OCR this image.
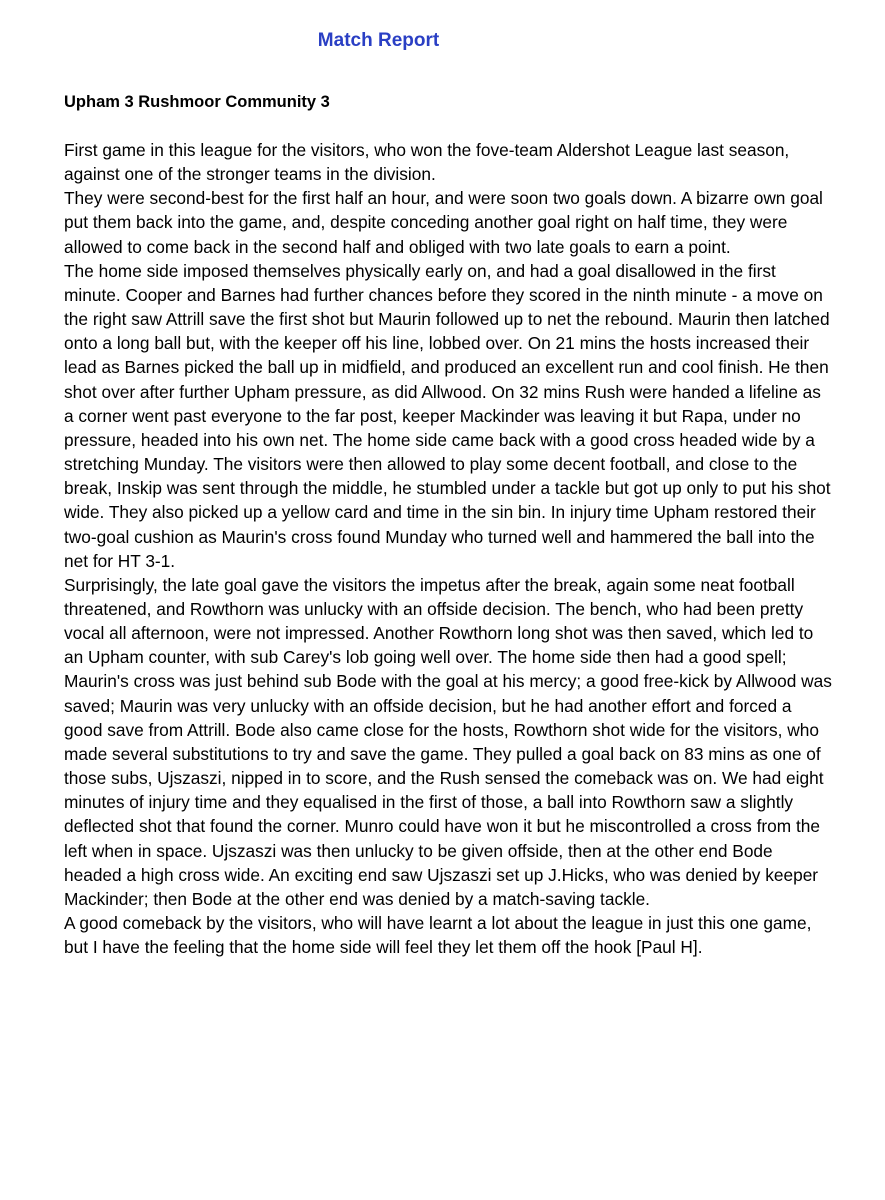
Match Report
Upham 3 Rushmoor Community 3

First game in this league for the visitors, who won the fove-team Aldershot League last season, against one of the stronger teams in the division.

They were second-best for the first half an hour, and were soon two goals down. A bizarre own goal put them back into the game, and, despite conceding another goal right on half time, they were allowed to come back in the second half and obliged with two late goals to earn a point.

The home side imposed themselves physically early on, and had a goal disallowed in the first minute. Cooper and Barnes had further chances before they scored in the ninth minute - a move on the right saw Attrill save the first shot but Maurin followed up to net the rebound. Maurin then latched onto a long ball but, with the keeper off his line, lobbed over. On 21 mins the hosts increased their lead as Barnes picked the ball up in midfield, and produced an excellent run and cool finish. He then shot over after further Upham pressure, as did Allwood. On 32 mins Rush were handed a lifeline as a corner went past everyone to the far post, keeper Mackinder was leaving it but Rapa, under no pressure, headed into his own net. The home side came back with a good cross headed wide by a stretching Munday. The visitors were then allowed to play some decent football, and close to the break, Inskip was sent through the middle, he stumbled under a tackle but got up only to put his shot wide. They also picked up a yellow card and time in the sin bin. In injury time Upham restored their two-goal cushion as Maurin's cross found Munday who turned well and hammered the ball into the net for HT 3-1.

Surprisingly, the late goal gave the visitors the impetus after the break, again some neat football threatened, and Rowthorn was unlucky with an offside decision. The bench, who had been pretty vocal all afternoon, were not impressed. Another Rowthorn long shot was then saved, which led to an Upham counter, with sub Carey's lob going well over. The home side then had a good spell; Maurin's cross was just behind sub Bode with the goal at his mercy; a good free-kick by Allwood was saved; Maurin was very unlucky with an offside decision, but he had another effort and forced a good save from Attrill. Bode also came close for the hosts, Rowthorn shot wide for the visitors, who made several substitutions to try and save the game. They pulled a goal back on 83 mins as one of those subs, Ujszaszi, nipped in to score, and the Rush sensed the comeback was on. We had eight minutes of injury time and they equalised in the first of those, a ball into Rowthorn saw a slightly deflected shot that found the corner. Munro could have won it but he miscontrolled a cross from the left when in space. Ujszaszi was then unlucky to be given offside, then at the other end Bode headed a high cross wide. An exciting end saw Ujszaszi set up J.Hicks, who was denied by keeper Mackinder; then Bode at the other end was denied by a match-saving tackle.

A good comeback by the visitors, who will have learnt a lot about the league in just this one game, but I have the feeling that the home side will feel they let them off the hook [Paul H].
